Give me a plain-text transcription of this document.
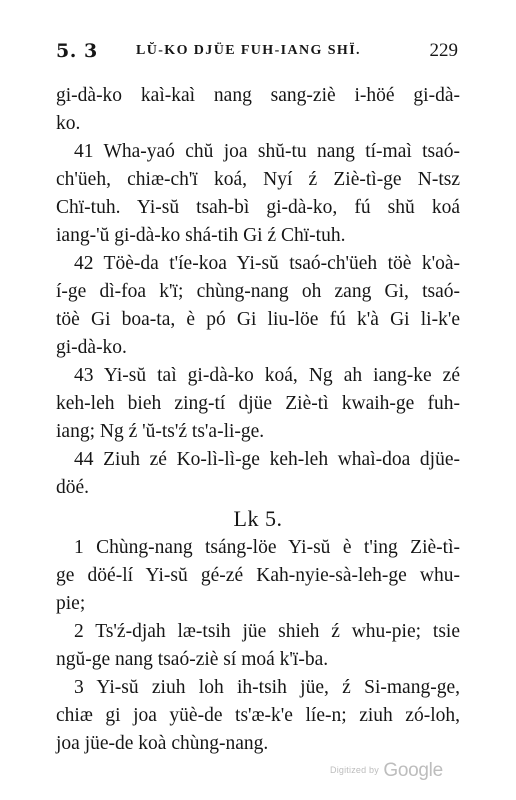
5. 3	LŬ-KO DJÜE FUH-IANG SHÏ.	229
gi-dà-ko kaì-kaì nang sang-ziè i-höé gi-dà-
ko.
41 Wha-yaó chŭ joa shŭ-tu nang tí-maì tsaó-
ch'üeh, chiæ-ch'ï koá, Nyí ź Ziè-tì-ge N-tsz
Chï-tuh. Yi-sŭ tsah-bì gi-dà-ko, fú shŭ koá
iang-'ŭ gi-dà-ko shá-tih Gi ź Chï-tuh.
42 Töè-da t'íe-koa Yi-sŭ tsaó-ch'üeh töè k'oà-
í-ge dì-foa k'ï; chùng-nang oh zang Gi, tsaó-
töè Gi boa-ta, è pó Gi liu-löe fú k'à Gi li-k'e
gi-dà-ko.
43 Yi-sŭ taì gi-dà-ko koá, Ng ah iang-ke zé
keh-leh bieh zing-tí djüe Ziè-tì kwaih-ge fuh-
iang; Ng ź 'ŭ-ts'ź ts'a-li-ge.
44 Ziuh zé Ko-lì-lì-ge keh-leh whaì-doa djüe-
döé.
Lk 5.
1 Chùng-nang tsáng-löe Yi-sŭ è t'ing Ziè-tì-
ge döé-lí Yi-sŭ gé-zé Kah-nyie-sà-leh-ge whu-
pie;
2 Ts'ź-djah læ-tsih jüe shieh ź whu-pie; tsie
ngŭ-ge nang tsaó-ziè sí moá k'ï-ba.
3 Yi-sŭ ziuh loh ih-tsih jüe, ź Si-mang-ge,
chiæ gi joa yüè-de ts'æ-k'e líe-n; ziuh zó-loh,
joa jüe-de koà chùng-nang.
Digitized by Google
